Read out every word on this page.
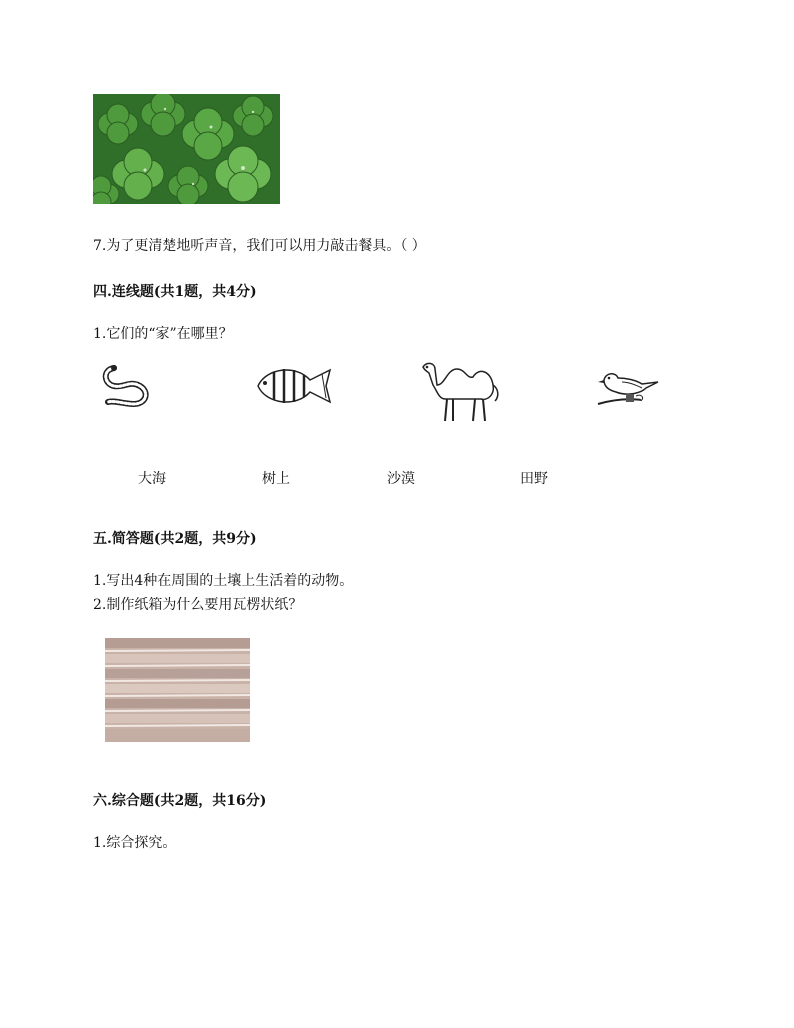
7.为了更清楚地听声音，我们可以用力敲击餐具。（ ）
四.连线题(共1题，共4分)
1.它们的“家”在哪里？
大海	树上	沙漠	田野
五.简答题(共2题，共9分)
1.写出4种在周围的土壤上生活着的动物。
2.制作纸箱为什么要用瓦楞状纸？
六.综合题(共2题，共16分)
1.综合探究。
